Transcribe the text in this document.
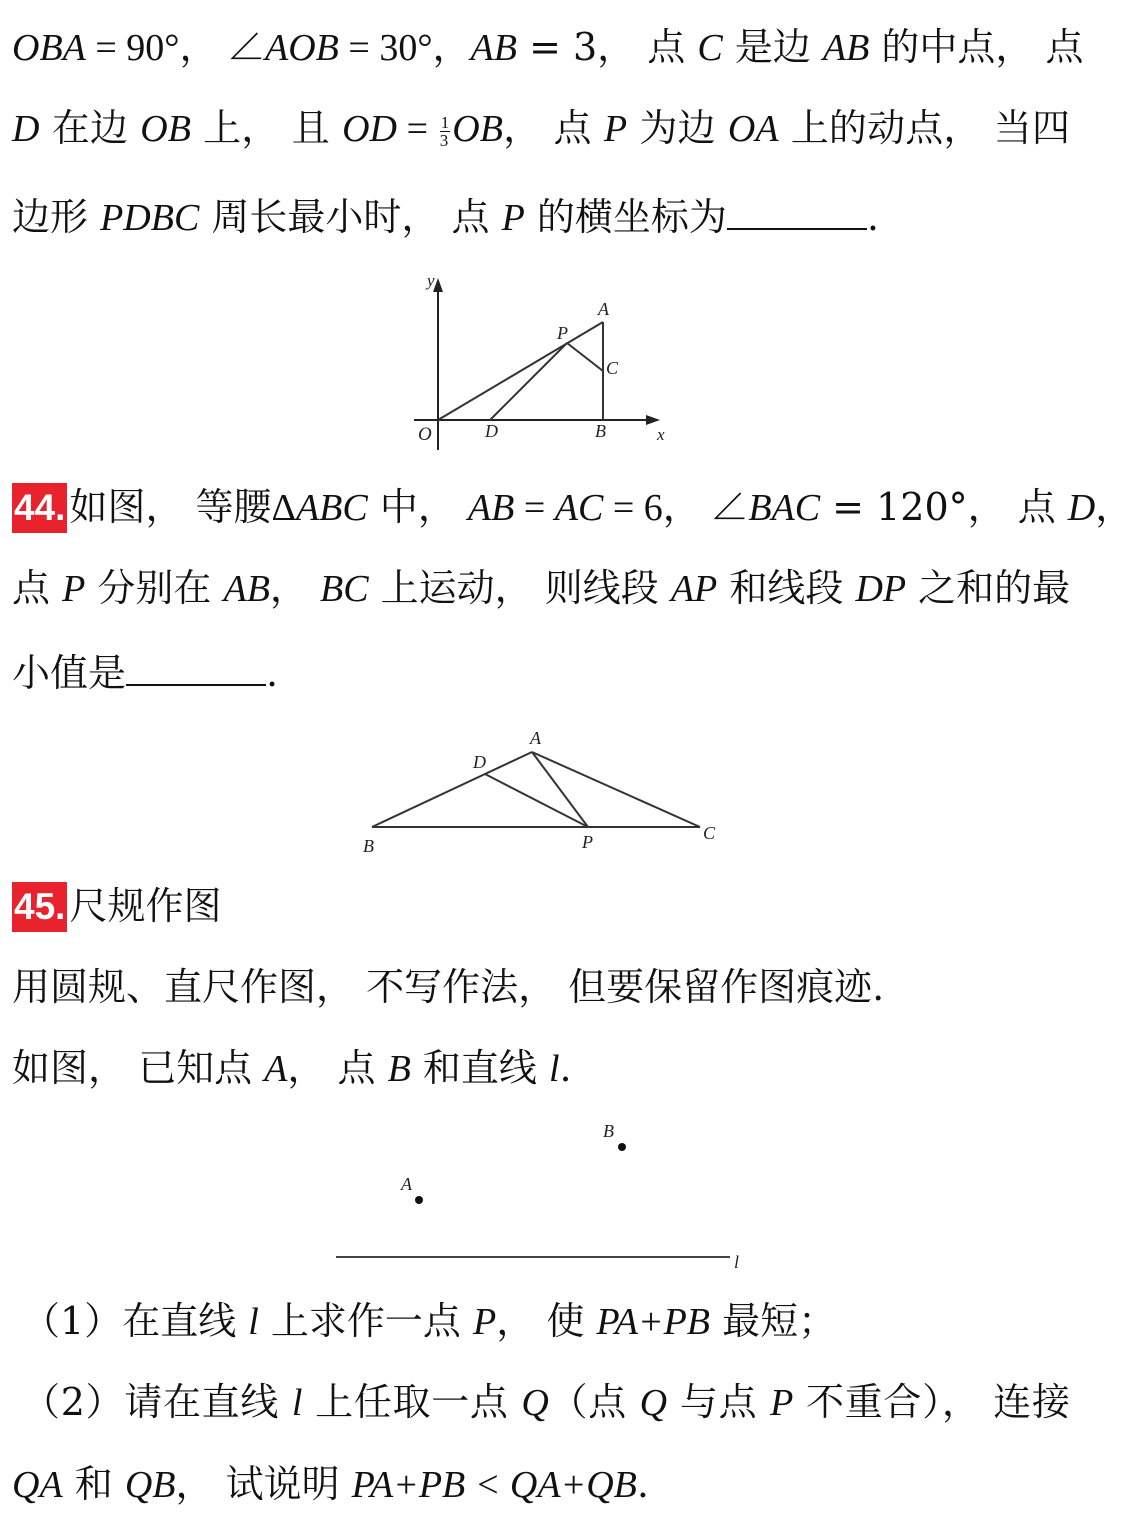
OBA = 90°， ∠AOB = 30°，AB = 3， 点 C 是边 AB 的中点， 点
D 在边 OB 上， 且 OD = $\frac{1}{3}$ OB， 点 P 为边 OA 上的动点， 当四
边形 PDBC 周长最小时， 点 P 的横坐标为	.
y
x
O	D	B
A
P
C
44. 如图， 等腰ΔABC 中， AB = AC = 6， ∠BAC = 120°， 点 D，
点 P 分别在 AB， BC 上运动， 则线段 AP 和线段 DP 之和的最
小值是	.
A
D
B	P	C
45. 尺规作图
用圆规、直尺作图， 不写作法， 但要保留作图痕迹.
如图， 已知点 A， 点 B 和直线 l.
B
A
l
（1）在直线 l 上求作一点 P， 使 PA+PB 最短；
（2）请在直线 l 上任取一点 Q（点 Q 与点 P 不重合）， 连接
QA 和 QB， 试说明 PA+PB < QA+QB.
